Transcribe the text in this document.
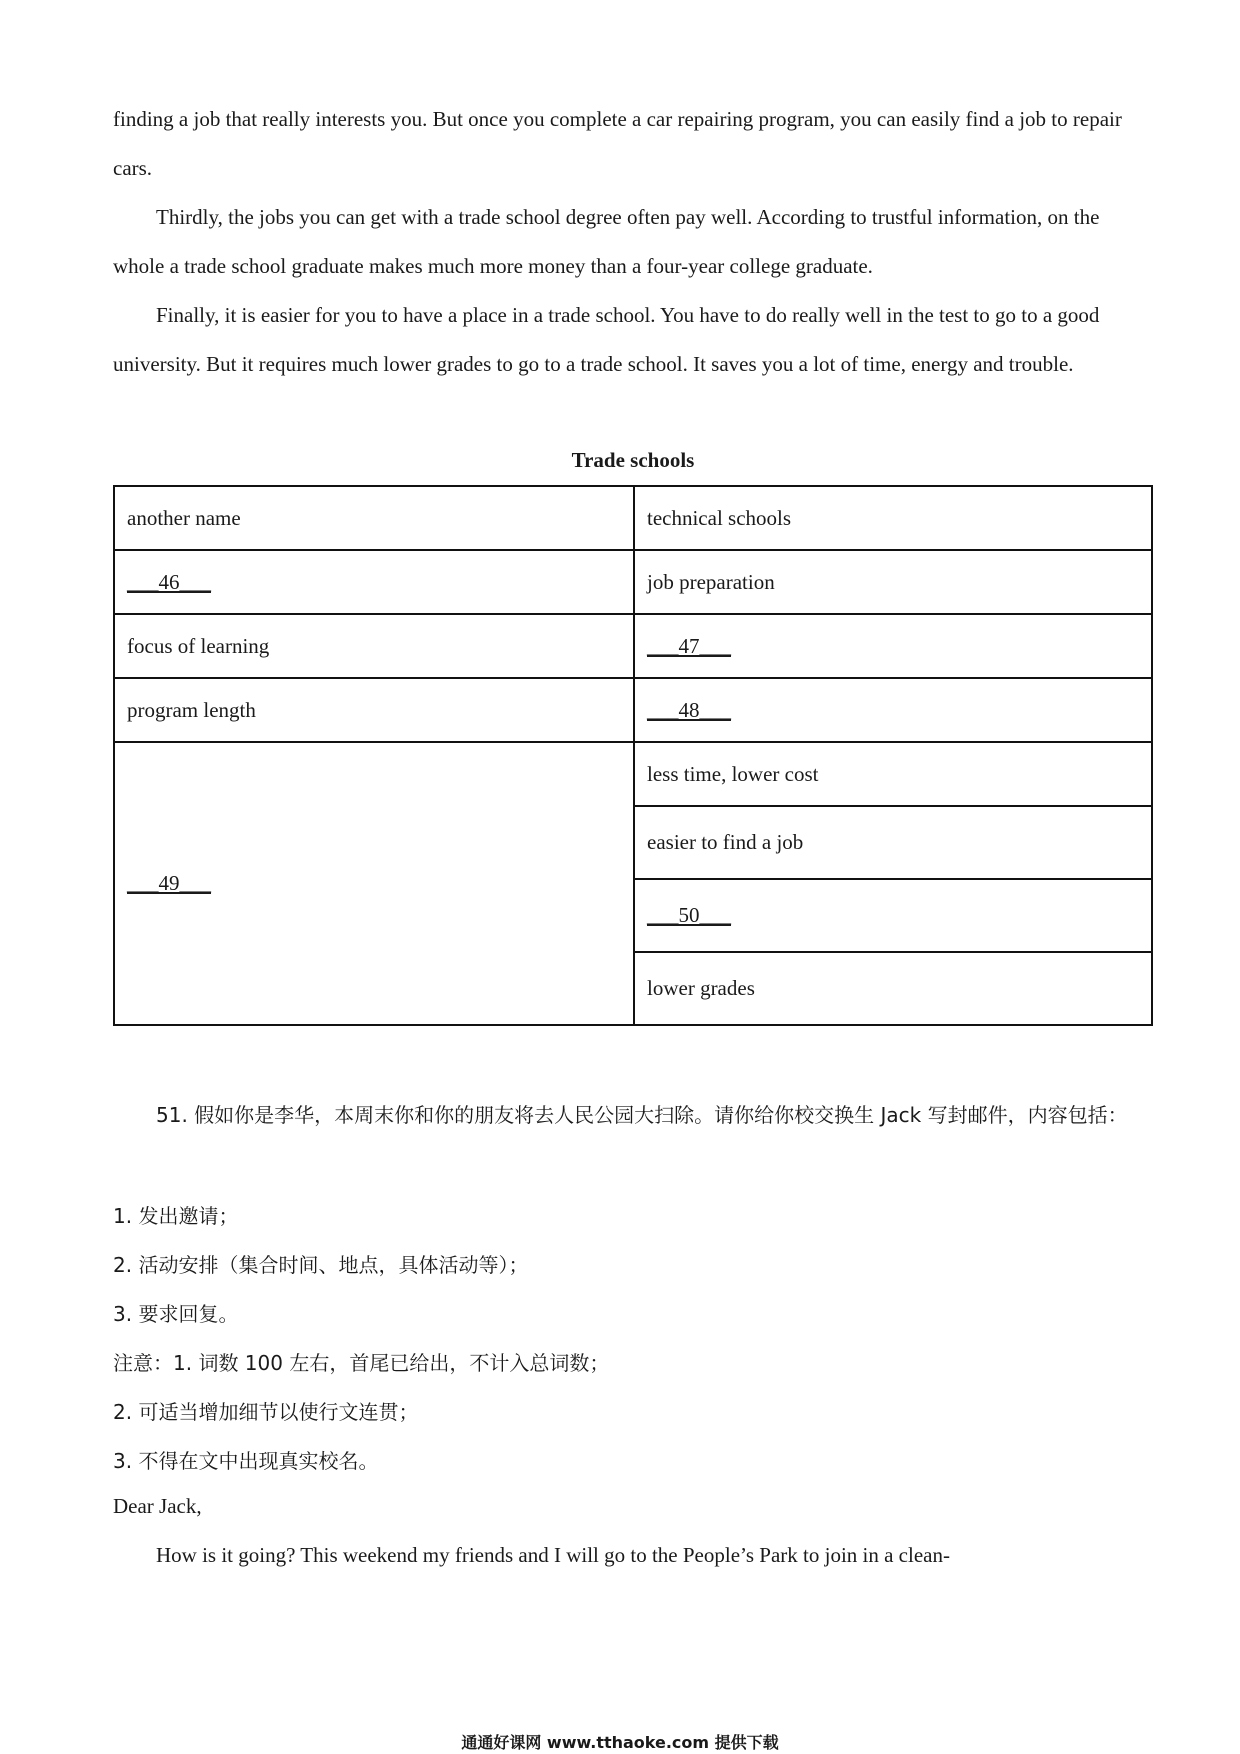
finding a job that really interests you. But once you complete a car repairing program, you can easily find a job to repair cars.

Thirdly, the jobs you can get with a trade school degree often pay well. According to trustful information, on the whole a trade school graduate makes much more money than a four-year college graduate.

Finally, it is easier for you to have a place in a trade school. You have to do really well in the test to go to a good university. But it requires much lower grades to go to a trade school. It saves you a lot of time, energy and trouble.

Trade schools
another name	technical schools
___46___	job preparation
focus of learning	___47___
program length	___48___
___49___	less time, lower cost
	easier to find a job
	___50___
	lower grades

51. 假如你是李华，本周末你和你的朋友将去人民公园大扫除。请你给你校交换生 Jack 写封邮件，内容包括：

1. 发出邀请；

2. 活动安排（集合时间、地点，具体活动等）；

3. 要求回复。

注意：1. 词数 100 左右，首尾已给出，不计入总词数；

2. 可适当增加细节以使行文连贯；

3. 不得在文中出现真实校名。

Dear Jack,

How is it going? This weekend my friends and I will go to the People’s Park to join in a clean-

通通好课网 www.tthaoke.com 提供下载
